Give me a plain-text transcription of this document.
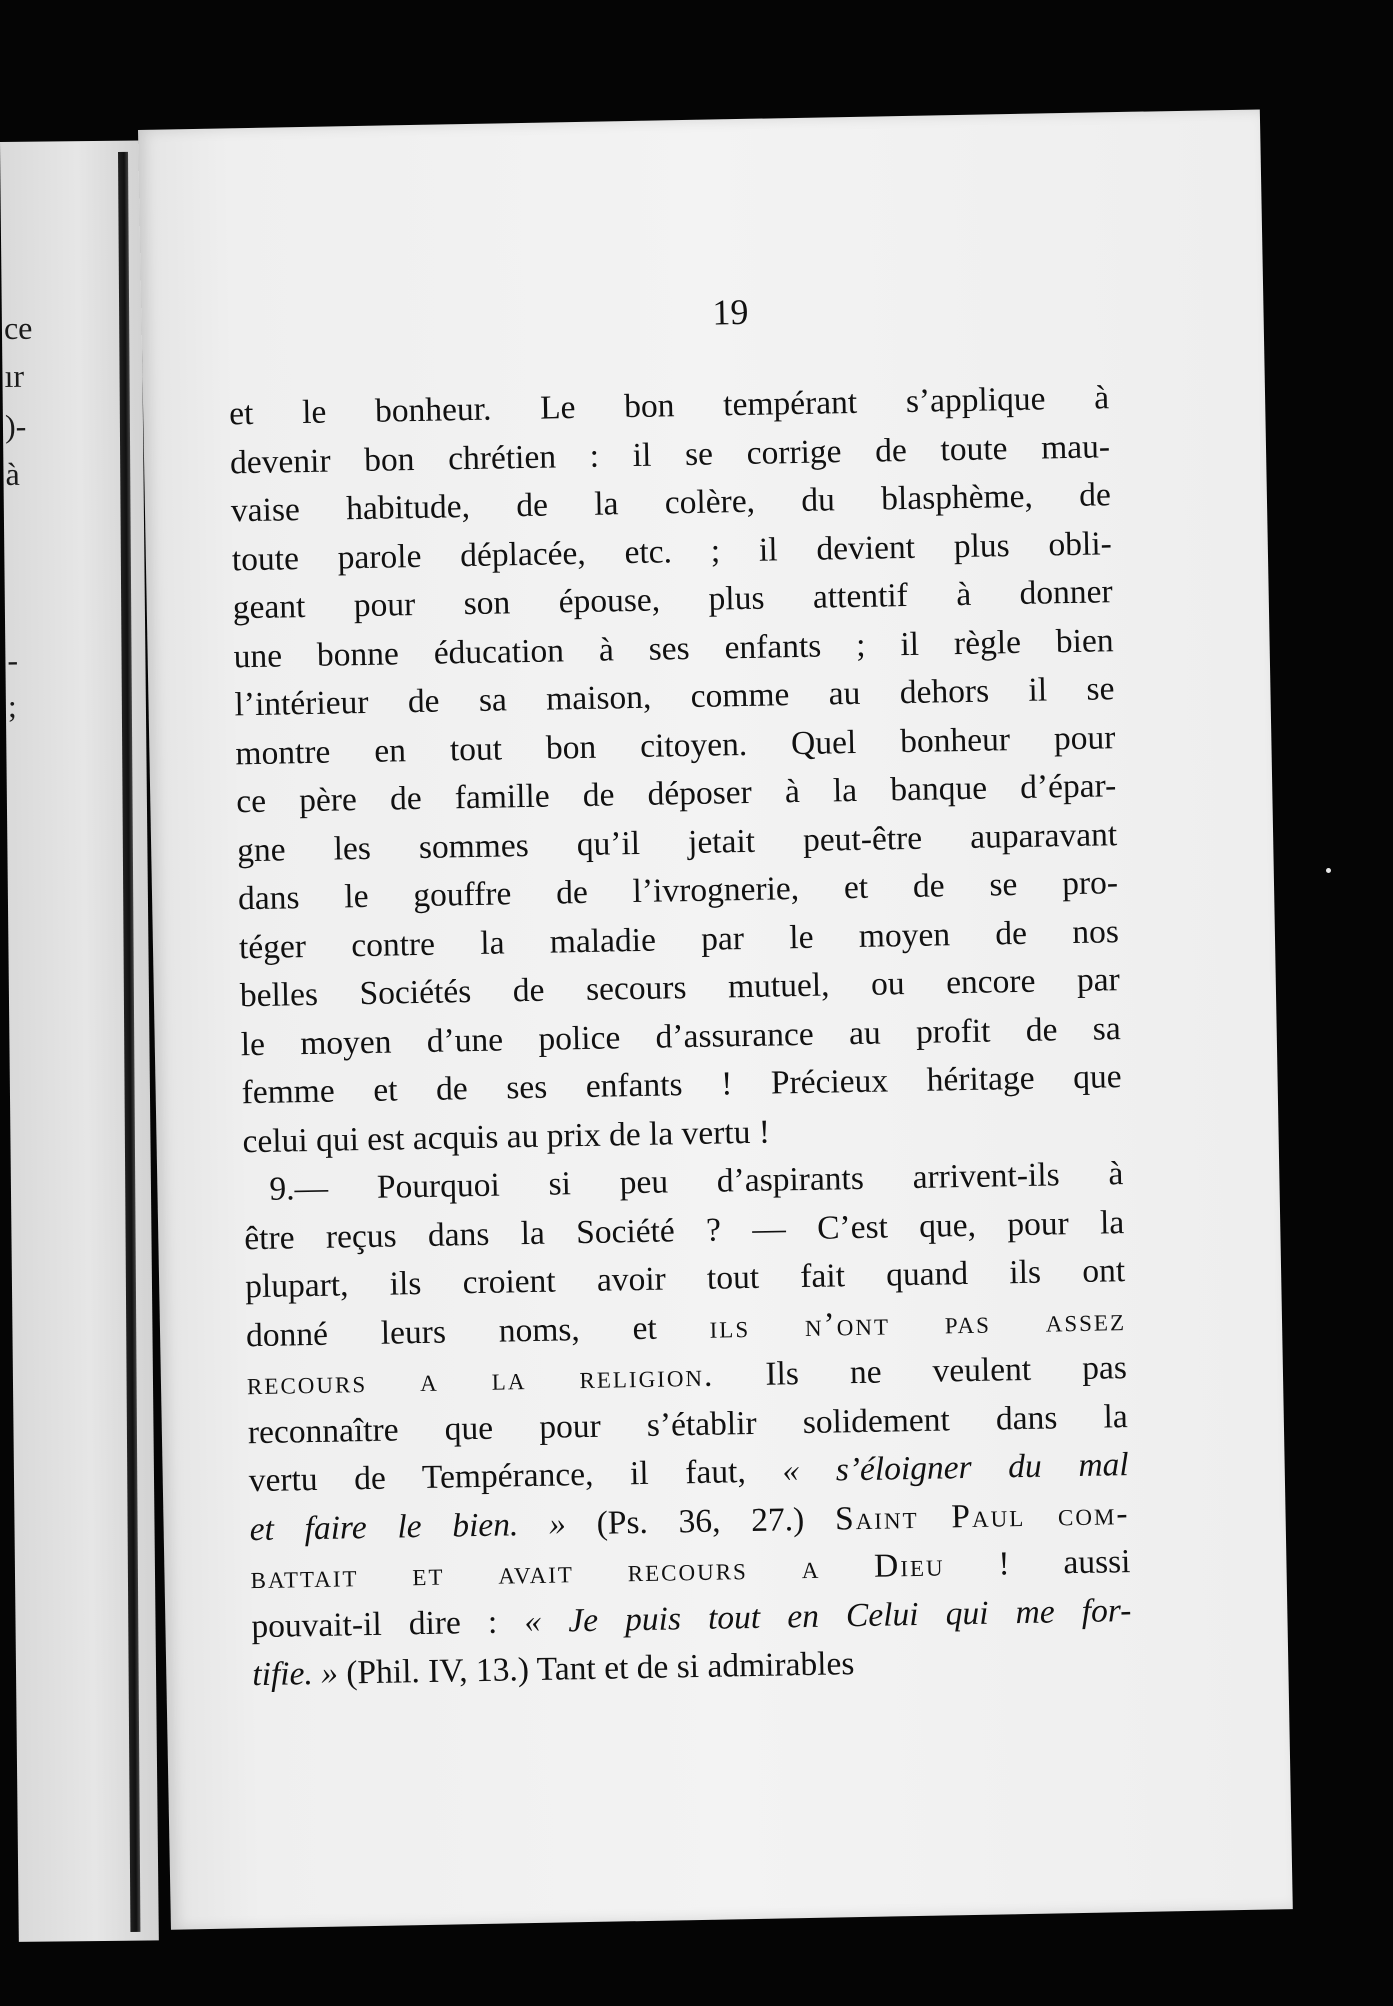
ce
ır
)-
à
-
;
19
et le bonheur. Le bon tempérant s’applique à
devenir bon chrétien : il se corrige de toute mau-
vaise habitude, de la colère, du blasphème, de
toute parole déplacée, etc. ; il devient plus obli-
geant pour son épouse, plus attentif à donner
une bonne éducation à ses enfants ; il règle bien
l’intérieur de sa maison, comme au dehors il se
montre en tout bon citoyen. Quel bonheur pour
ce père de famille de déposer à la banque d’épar-
gne les sommes qu’il jetait peut-être auparavant
dans le gouffre de l’ivrognerie, et de se pro-
téger contre la maladie par le moyen de nos
belles Sociétés de secours mutuel, ou encore par
le moyen d’une police d’assurance au profit de sa
femme et de ses enfants ! Précieux héritage que
celui qui est acquis au prix de la vertu !
9.— Pourquoi si peu d’aspirants arrivent-ils à
être reçus dans la Société ? — C’est que, pour la
plupart, ils croient avoir tout fait quand ils ont
donné leurs noms, et ils n’ont pas assez
recours a la religion. Ils ne veulent pas
reconnaître que pour s’établir solidement dans la
vertu de Tempérance, il faut, « s’éloigner du mal
et faire le bien. » (Ps. 36, 27.) Saint Paul com-
battait et avait recours a Dieu ! aussi
pouvait-il dire : « Je puis tout en Celui qui me for-
tifie. » (Phil. IV, 13.) Tant et de si admirables
